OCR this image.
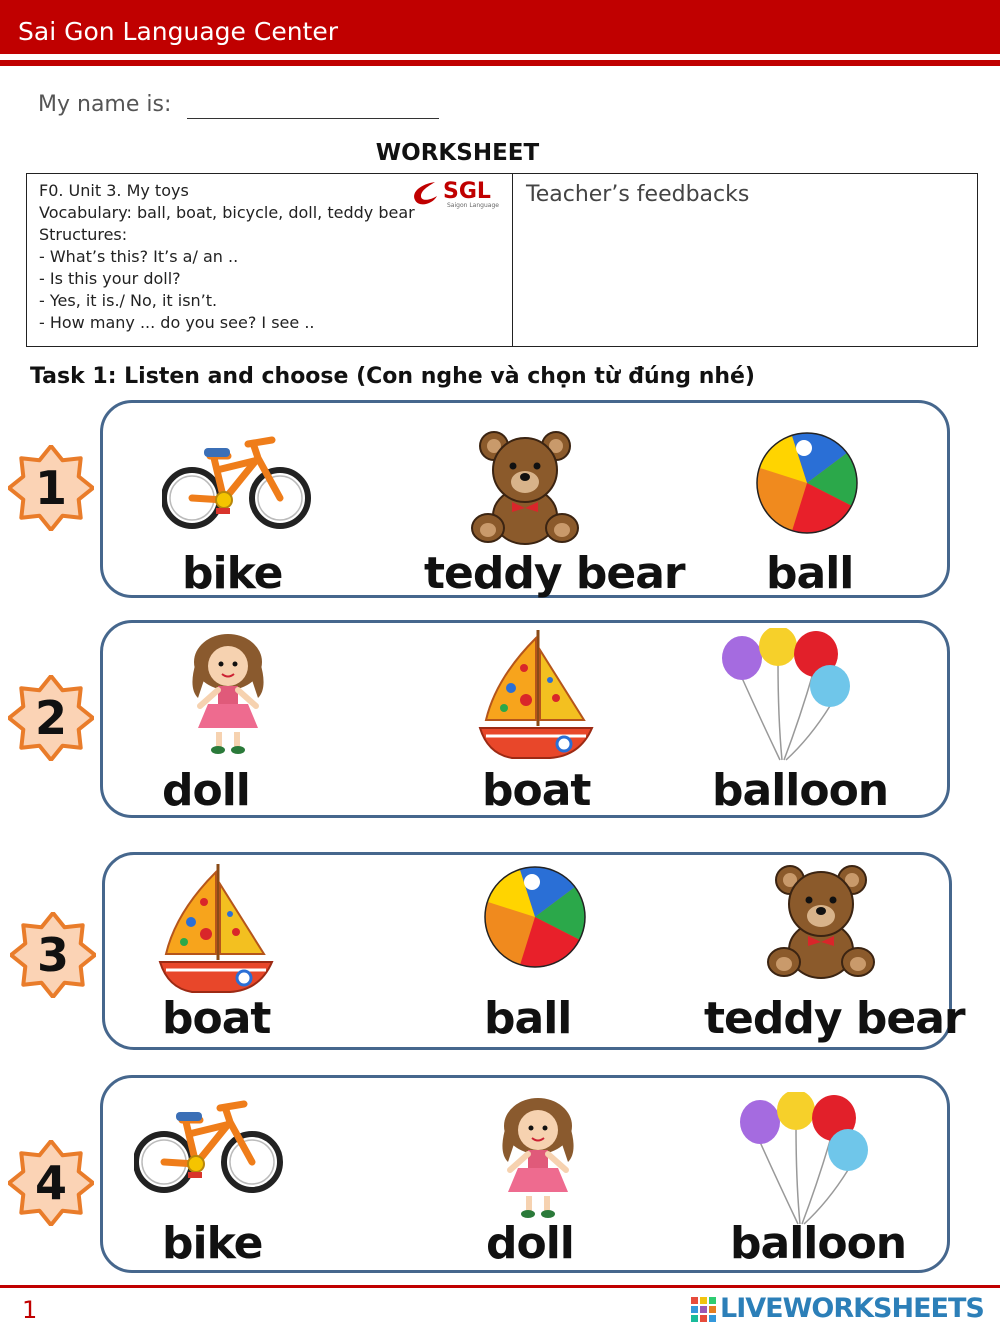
Sai Gon Language Center
My name is:
WORKSHEET
F0. Unit 3. My toys
Vocabulary: ball, boat, bicycle, doll, teddy bear
Structures:
- What’s this? It’s a/ an ..
- Is this your doll?
- Yes, it is./ No, it isn’t.
- How many ... do you see? I see ..
SGL
Saigon Language Teacher’s feedbacks
Task 1: Listen and choose (Con nghe và chọn từ đúng nhé)
1
bike	teddy bear ball
2
doll	boat	balloon
3
boat	ball	teddy bear
4
bike	doll	balloon
1	LIVEWORKSHEETS
